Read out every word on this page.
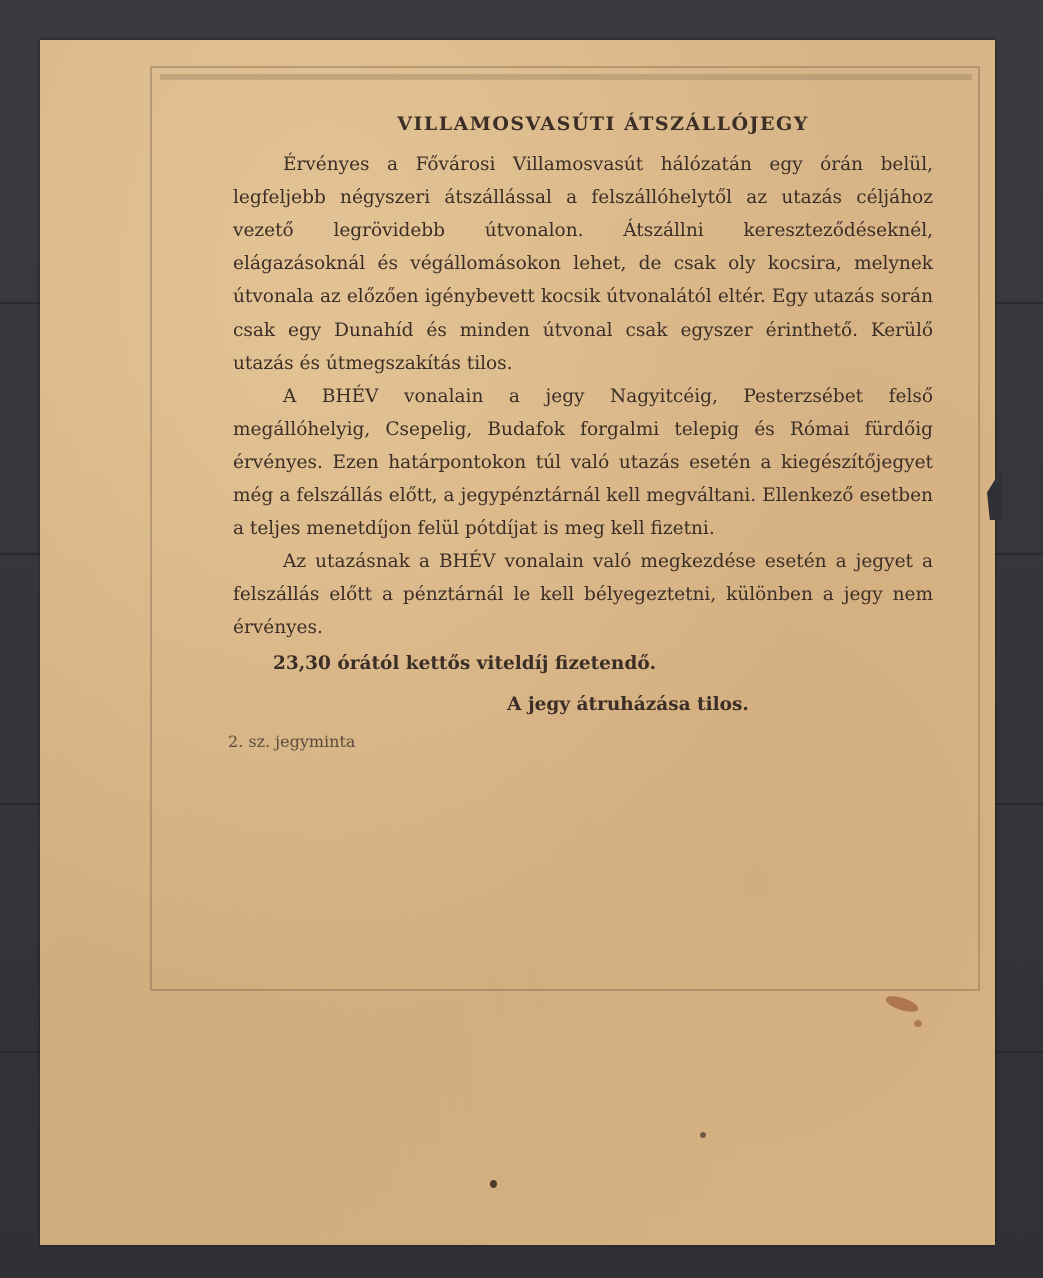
VILLAMOSVASÚTI ÁTSZÁLLÓJEGY

Érvényes a Fővárosi Villamosvasút hálózatán egy órán belül, legfeljebb négyszeri átszállással a felszállóhelytől az utazás céljához vezető legrövidebb útvonalon. Átszállni kereszteződéseknél, elágazásoknál és végállomásokon lehet, de csak oly kocsira, melynek útvonala az előzően igénybevett kocsik útvonalától eltér. Egy utazás során csak egy Dunahíd és minden útvonal csak egyszer érinthető. Kerülő utazás és útmegszakítás tilos.

A BHÉV vonalain a jegy Nagyitcéig, Pesterzsébet felső megállóhelyig, Csepelig, Budafok forgalmi telepig és Római fürdőig érvényes. Ezen határpontokon túl való utazás esetén a kiegészítőjegyet még a felszállás előtt, a jegypénztárnál kell megváltani. Ellenkező esetben a teljes menetdíjon felül pótdíjat is meg kell fizetni.

Az utazásnak a BHÉV vonalain való megkezdése esetén a jegyet a felszállás előtt a pénztárnál le kell bélyegeztetni, különben a jegy nem érvényes.

23,30 órától kettős viteldíj fizetendő.

A jegy átruházása tilos.

2. sz. jegyminta
